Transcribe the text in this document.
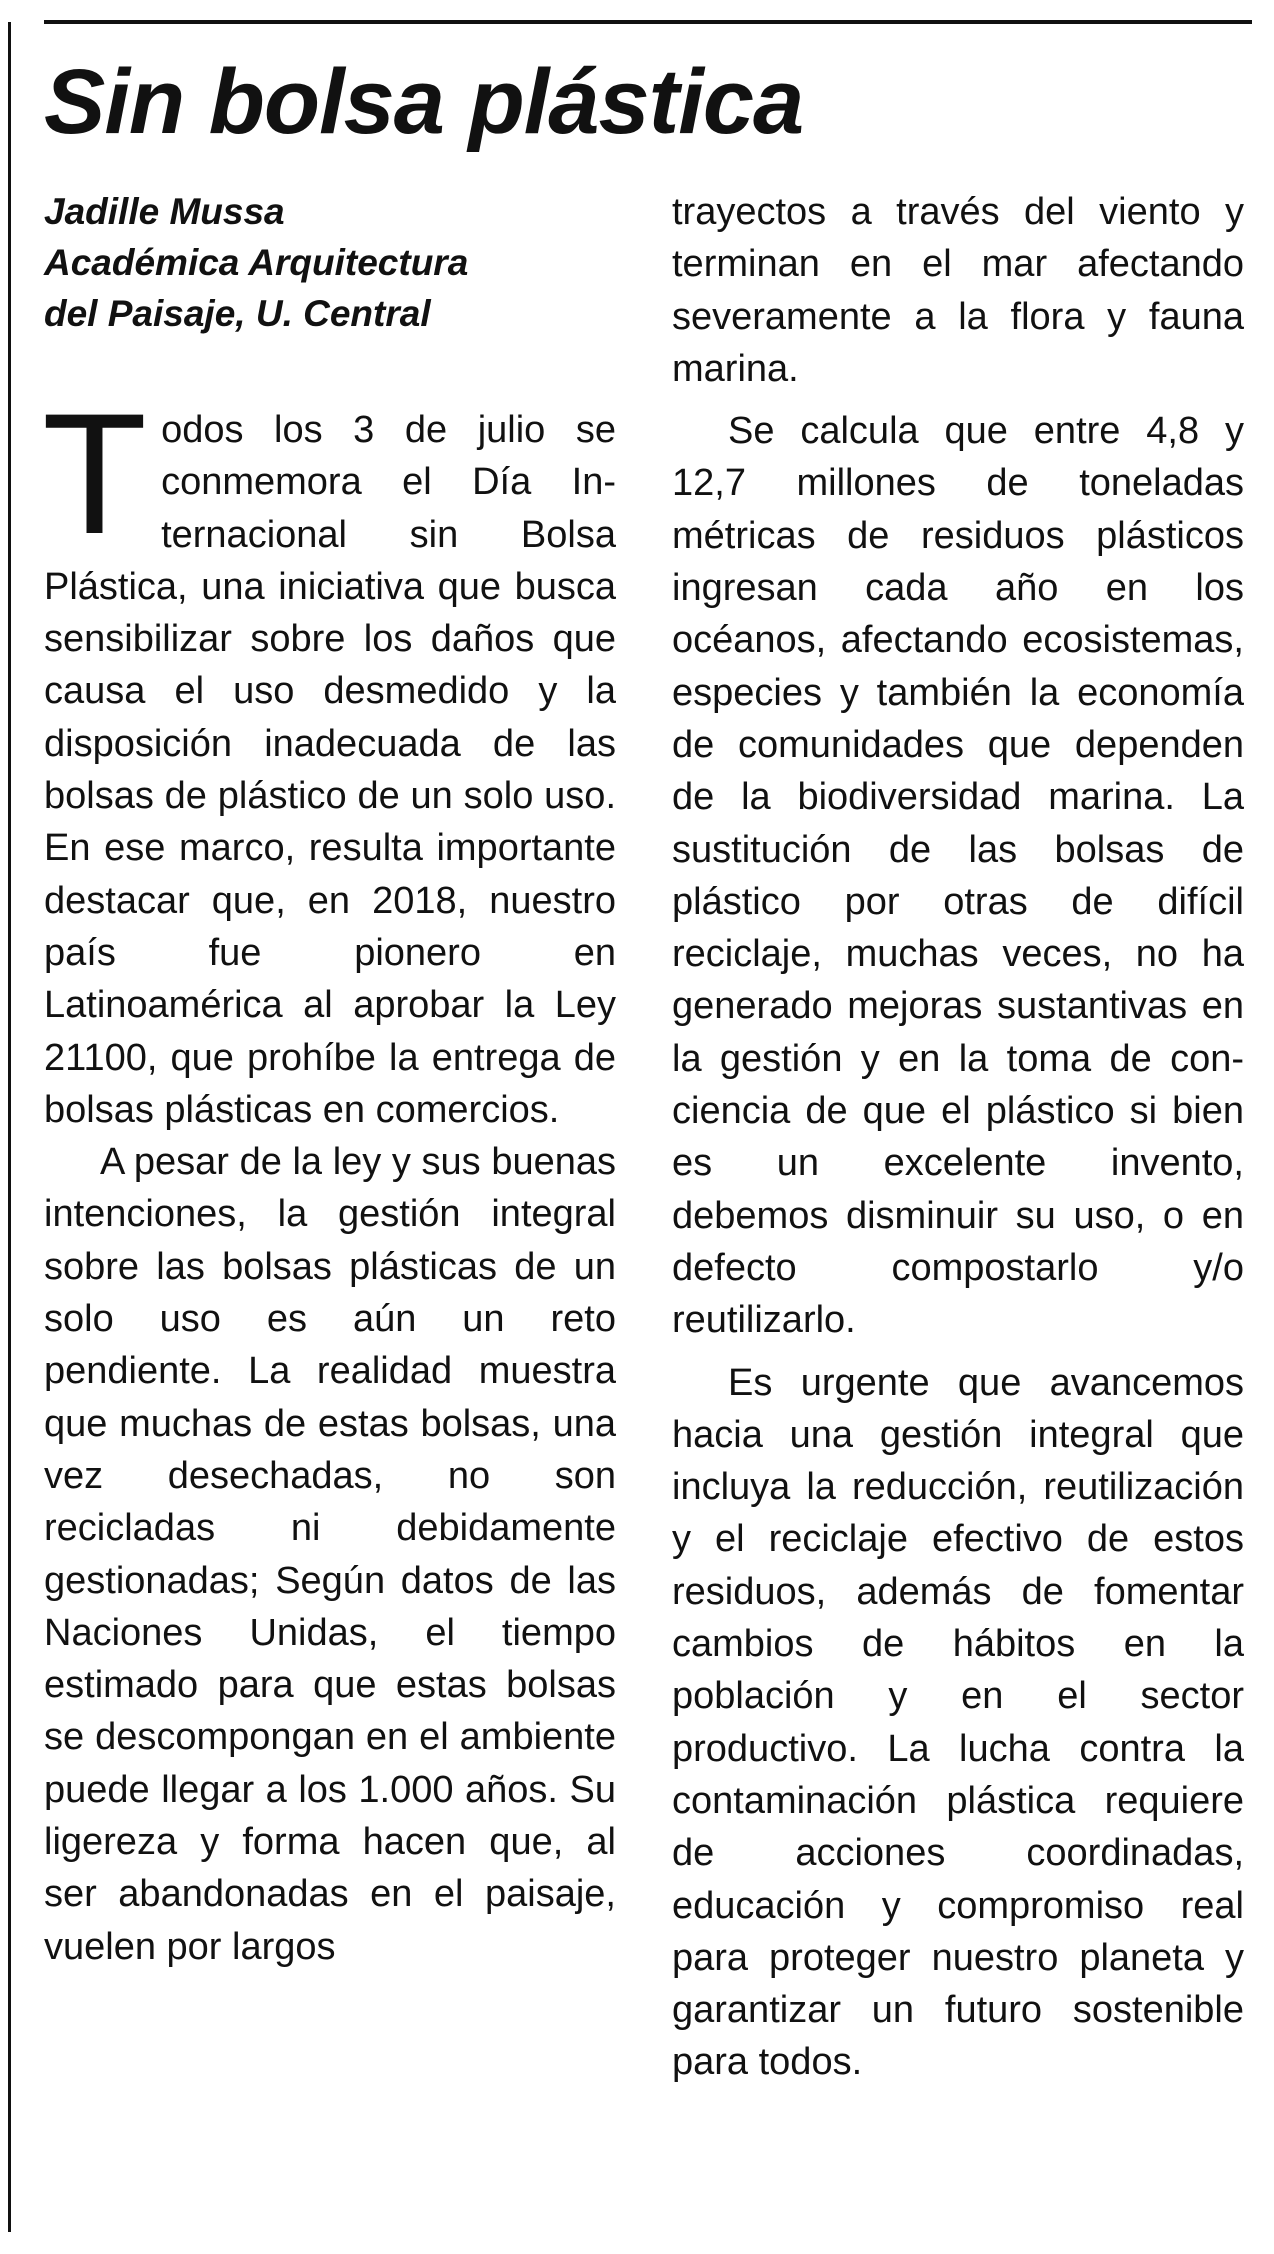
Sin bolsa plástica
Jadille Mussa
Académica Arquitectura
del Paisaje, U. Central

Todos los 3 de julio se conmemora el Día Internacional sin Bolsa Plástica, una iniciativa que busca sensibilizar sobre los daños que causa el uso desmedido y la disposición inadecuada de las bolsas de plástico de un solo uso. En ese marco, resulta importante destacar que, en 2018, nuestro país fue pionero en Latinoamérica al aprobar la Ley 21100, que prohíbe la entrega de bolsas plásticas en comercios.

A pesar de la ley y sus buenas intenciones, la gestión integral sobre las bolsas plásticas de un solo uso es aún un reto pendiente. La realidad muestra que muchas de estas bolsas, una vez desechadas, no son recicladas ni debidamente gestionadas; Según datos de las Naciones Unidas, el tiempo estimado para que estas bolsas se descompongan en el ambiente puede llegar a los 1.000 años. Su ligereza y forma hacen que, al ser abandonadas en el paisaje, vuelen por largos

trayectos a través del viento y terminan en el mar afectando severamente a la flora y fauna marina.

Se calcula que entre 4,8 y 12,7 millones de toneladas métricas de residuos plásticos ingresan cada año en los océanos, afectando ecosistemas, especies y también la economía de comunidades que dependen de la biodiversidad marina. La sustitución de las bolsas de plástico por otras de difícil reciclaje, muchas veces, no ha generado mejoras sustantivas en la gestión y en la toma de conciencia de que el plástico si bien es un excelente invento, debemos disminuir su uso, o en defecto compostarlo y/o reutilizarlo.

Es urgente que avancemos hacia una gestión integral que incluya la reducción, reutilización y el reciclaje efectivo de estos residuos, además de fomentar cambios de hábitos en la población y en el sector productivo. La lucha contra la contaminación plástica requiere de acciones coordinadas, educación y compromiso real para proteger nuestro planeta y garantizar un futuro sostenible para todos.
